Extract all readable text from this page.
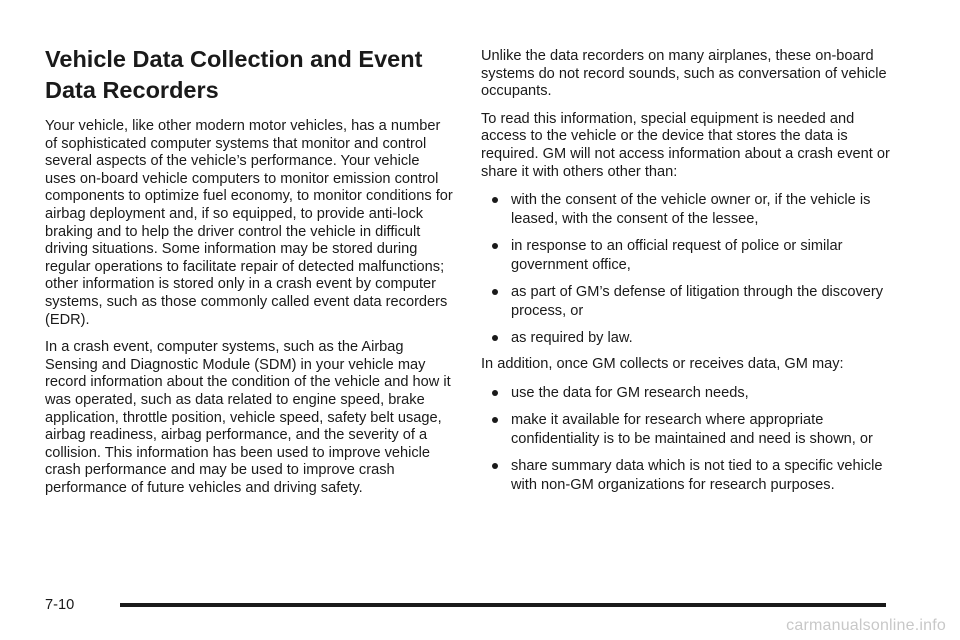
Vehicle Data Collection and Event Data Recorders

Your vehicle, like other modern motor vehicles, has a number of sophisticated computer systems that monitor and control several aspects of the vehicle’s performance. Your vehicle uses on-board vehicle computers to monitor emission control components to optimize fuel economy, to monitor conditions for airbag deployment and, if so equipped, to provide anti-lock braking and to help the driver control the vehicle in difficult driving situations. Some information may be stored during regular operations to facilitate repair of detected malfunctions; other information is stored only in a crash event by computer systems, such as those commonly called event data recorders (EDR).

In a crash event, computer systems, such as the Airbag Sensing and Diagnostic Module (SDM) in your vehicle may record information about the condition of the vehicle and how it was operated, such as data related to engine speed, brake application, throttle position, vehicle speed, safety belt usage, airbag readiness, airbag performance, and the severity of a collision. This information has been used to improve vehicle crash performance and may be used to improve crash performance of future vehicles and driving safety.

Unlike the data recorders on many airplanes, these on-board systems do not record sounds, such as conversation of vehicle occupants.

To read this information, special equipment is needed and access to the vehicle or the device that stores the data is required. GM will not access information about a crash event or share it with others other than:

with the consent of the vehicle owner or, if the vehicle is leased, with the consent of the lessee,
in response to an official request of police or similar government office,
as part of GM’s defense of litigation through the discovery process, or
as required by law.

In addition, once GM collects or receives data, GM may:

use the data for GM research needs,
make it available for research where appropriate confidentiality is to be maintained and need is shown, or
share summary data which is not tied to a specific vehicle with non-GM organizations for research purposes.
7-10
carmanualsonline.info
